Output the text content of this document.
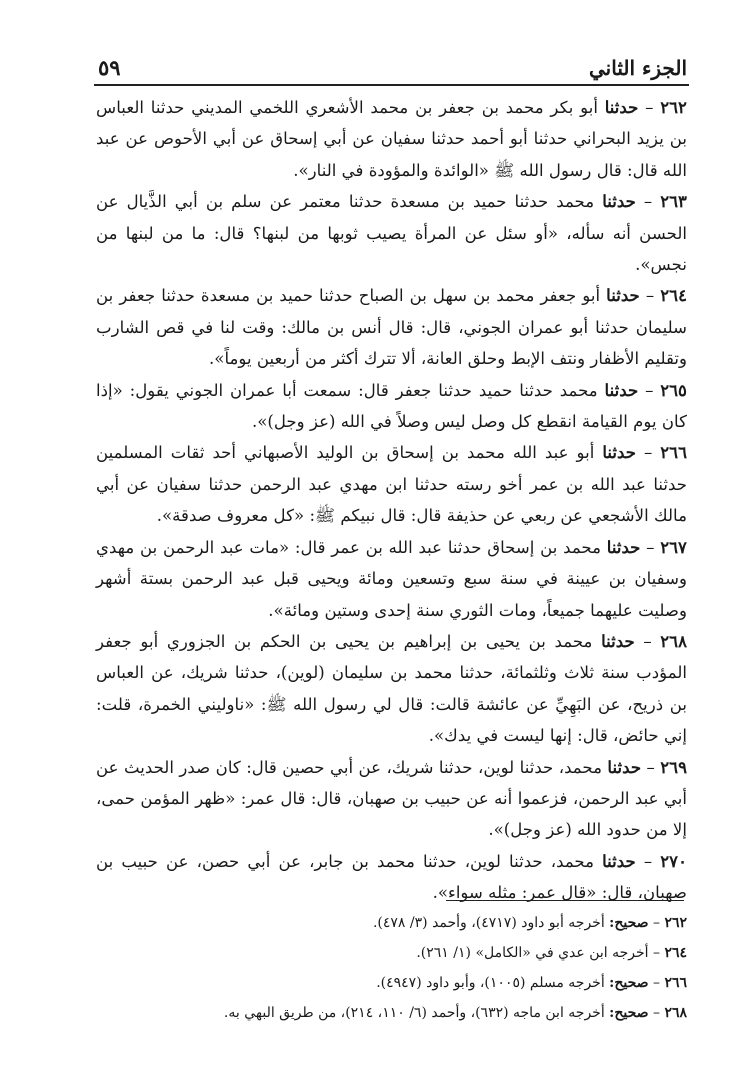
٥٩	الجزء الثاني

٢٦٢ – حدثنا أبو بكر محمد بن جعفر بن محمد الأشعري اللخمي المديني حدثنا العباس بن يزيد البحراني حدثنا أبو أحمد حدثنا سفيان عن أبي إسحاق عن أبي الأحوص عن عبد الله قال: قال رسول الله ﷺ «الوائدة والمؤودة في النار».

٢٦٣ – حدثنا محمد حدثنا حميد بن مسعدة حدثنا معتمر عن سلم بن أبي الذَّيال عن الحسن أنه سأله، «أو سئل عن المرأة يصيب ثوبها من لبنها؟ قال: ما من لبنها من نجس».

٢٦٤ – حدثنا أبو جعفر محمد بن سهل بن الصباح حدثنا حميد بن مسعدة حدثنا جعفر بن سليمان حدثنا أبو عمران الجوني، قال: قال أنس بن مالك: وقت لنا في قص الشارب وتقليم الأظفار ونتف الإبط وحلق العانة، ألا تترك أكثر من أربعين يوماً».

٢٦٥ – حدثنا محمد حدثنا حميد حدثنا جعفر قال: سمعت أبا عمران الجوني يقول: «إذا كان يوم القيامة انقطع كل وصل ليس وصلاً في الله (عز وجل)».

٢٦٦ – حدثنا أبو عبد الله محمد بن إسحاق بن الوليد الأصبهاني أحد ثقات المسلمين حدثنا عبد الله بن عمر أخو رسته حدثنا ابن مهدي عبد الرحمن حدثنا سفيان عن أبي مالك الأشجعي عن ربعي عن حذيفة قال: قال نبيكم ﷺ: «كل معروف صدقة».

٢٦٧ – حدثنا محمد بن إسحاق حدثنا عبد الله بن عمر قال: «مات عبد الرحمن بن مهدي وسفيان بن عيينة في سنة سبع وتسعين ومائة ويحيى قبل عبد الرحمن بستة أشهر وصليت عليهما جميعاً، ومات الثوري سنة إحدى وستين ومائة».

٢٦٨ – حدثنا محمد بن يحيى بن إبراهيم بن يحيى بن الحكم بن الجزوري أبو جعفر المؤدب سنة ثلاث وثلثمائة، حدثنا محمد بن سليمان (لوين)، حدثنا شريك، عن العباس بن ذريح، عن البَهِيِّ عن عائشة قالت: قال لي رسول الله ﷺ: «ناوليني الخمرة، قلت: إني حائض، قال: إنها ليست في يدك».

٢٦٩ – حدثنا محمد، حدثنا لوين، حدثنا شريك، عن أبي حصين قال: كان صدر الحديث عن أبي عبد الرحمن، فزعموا أنه عن حبيب بن صهبان، قال: قال عمر: «ظهر المؤمن حمى، إلا من حدود الله (عز وجل)».

٢٧٠ – حدثنا محمد، حدثنا لوين، حدثنا محمد بن جابر، عن أبي حصن، عن حبيب بن صهبان، قال: «قال عمر: مثله سواء».

٢٦٢ – صحيح: أخرجه أبو داود (٤٧١٧)، وأحمد (٣/ ٤٧٨).

٢٦٤ – أخرجه ابن عدي في «الكامل» (١/ ٢٦١).

٢٦٦ – صحيح: أخرجه مسلم (١٠٠٥)، وأبو داود (٤٩٤٧).

٢٦٨ – صحيح: أخرجه ابن ماجه (٦٣٢)، وأحمد (٦/ ١١٠، ٢١٤)، من طريق البهي به.
